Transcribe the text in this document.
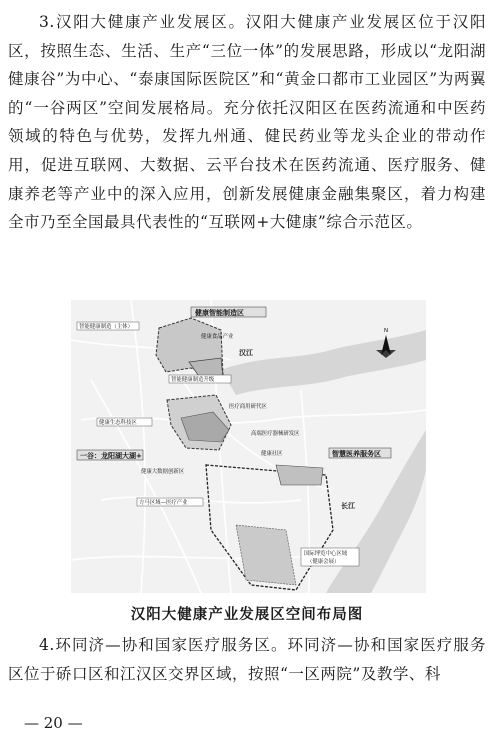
3.汉阳大健康产业发展区。汉阳大健康产业发展区位于汉阳区，按照生态、生活、生产“三位一体”的发展思路，形成以“龙阳湖健康谷”为中心、“泰康国际医院区”和“黄金口都市工业园区”为两翼的“一谷两区”空间发展格局。充分依托汉阳区在医药流通和中医药领域的特色与优势，发挥九州通、健民药业等龙头企业的带动作用，促进互联网、大数据、云平台技术在医药流通、医疗服务、健康养老等产业中的深入应用，创新发展健康金融集聚区，着力构建全市乃至全国最具代表性的“互联网+大健康”综合示范区。

N
健康智能制造区
智能健康制造（主体）
健康食品产业
汉江
智能健康制造升级
医疗商用研代区
健康生态科技区
高端医疗器械研发区
一谷：龙阳湖大湖+	健康社区	智慧医养服务区
健康大数据创新区
方马区域—医疗产业	长江
国际博览中心区域
（健康会展）
汉阳大健康产业发展区空间布局图

4.环同济—协和国家医疗服务区。环同济—协和国家医疗服务区位于硚口区和江汉区交界区域，按照“一区两院”及教学、科

— 20 —
